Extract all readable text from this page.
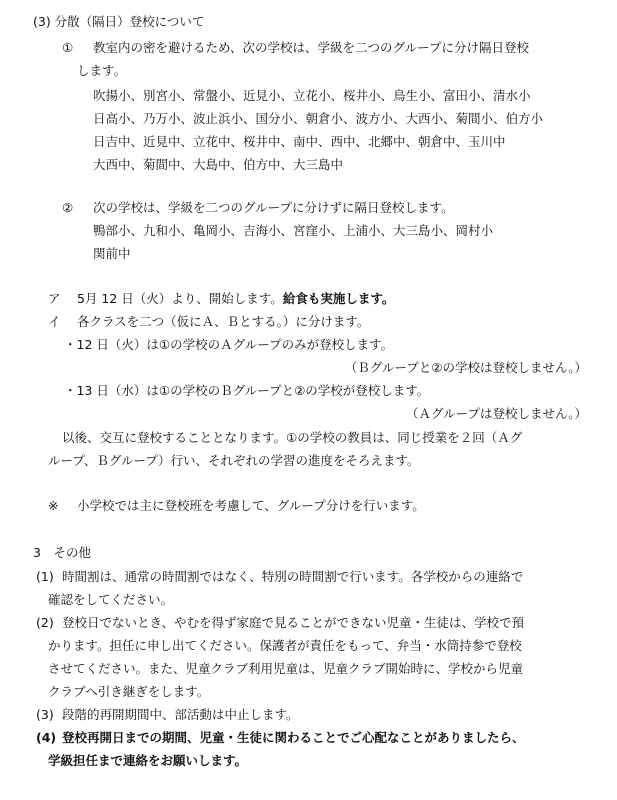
(3) 分散（隔日）登校について
① 教室内の密を避けるため、次の学校は、学級を二つのグループに分け隔日登校
します。
吹揚小、別宮小、常盤小、近見小、立花小、桜井小、鳥生小、富田小、清水小
日高小、乃万小、波止浜小、国分小、朝倉小、波方小、大西小、菊間小、伯方小
日吉中、近見中、立花中、桜井中、南中、西中、北郷中、朝倉中、玉川中
大西中、菊間中、大島中、伯方中、大三島中
② 次の学校は、学級を二つのグループに分けずに隔日登校します。
鴨部小、九和小、亀岡小、吉海小、宮窪小、上浦小、大三島小、岡村小
関前中
ア 5月 12 日（火）より、開始します。給食も実施します。
イ 各クラスを二つ（仮にＡ、Ｂとする。）に分けます。
・12 日（火）は①の学校のＡグループのみが登校します。
（Ｂグループと②の学校は登校しません。）
・13 日（水）は①の学校のＢグループと②の学校が登校します。
（Ａグループは登校しません。）
以後、交互に登校することとなります。①の学校の教員は、同じ授業を２回（Ａグ
ループ、Ｂグループ）行い、それぞれの学習の進度をそろえます。
※ 小学校では主に登校班を考慮して、グループ分けを行います。
3　その他
(1) 時間割は、通常の時間割ではなく、特別の時間割で行います。各学校からの連絡で
確認をしてください。
(2) 登校日でないとき、やむを得ず家庭で見ることができない児童・生徒は、学校で預
かります。担任に申し出てください。保護者が責任をもって、弁当・水筒持参で登校
させてください。また、児童クラブ利用児童は、児童クラブ開始時に、学校から児童
クラブへ引き継ぎをします。
(3) 段階的再開期間中、部活動は中止します。
(4) 登校再開日までの期間、児童・生徒に関わることでご心配なことがありましたら、
学級担任まで連絡をお願いします。
